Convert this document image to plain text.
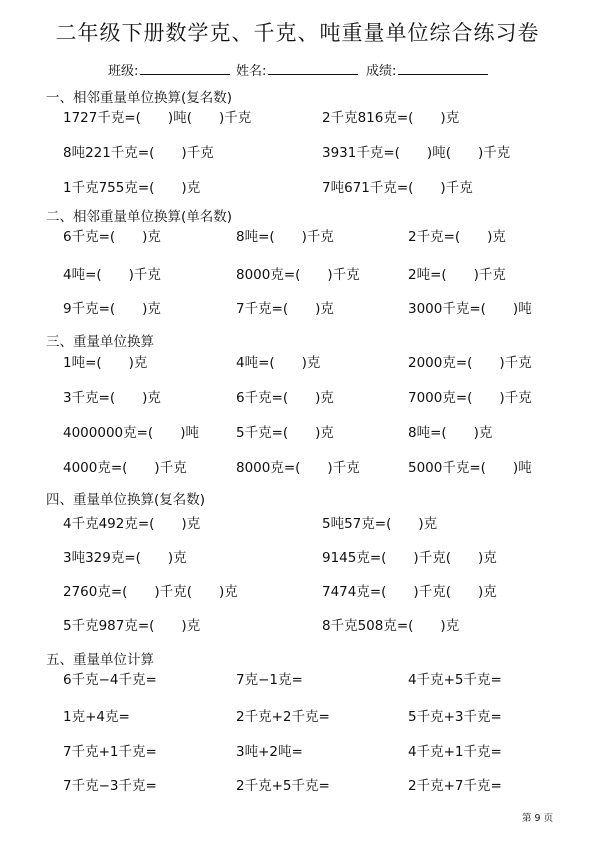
二年级下册数学克、千克、吨重量单位综合练习卷
班级:	姓名:	成绩:
一、相邻重量单位换算(复名数)
1727千克=(　　)吨(　　)千克	2千克816克=(　　)克
8吨221千克=(　　)千克	3931千克=(　　)吨(　　)千克
1千克755克=(　　)克	7吨671千克=(　　)千克
二、相邻重量单位换算(单名数)
6千克=(　　)克	8吨=(　　)千克	2千克=(　　)克
4吨=(　　)千克	8000克=(　　)千克	2吨=(　　)千克
9千克=(　　)克	7千克=(　　)克	3000千克=(　　)吨
三、重量单位换算
1吨=(　　)克	4吨=(　　)克	2000克=(　　)千克
3千克=(　　)克	6千克=(　　)克	7000克=(　　)千克
4000000克=(　　)吨	5千克=(　　)克	8吨=(　　)克
4000克=(　　)千克	8000克=(　　)千克	5000千克=(　　)吨
四、重量单位换算(复名数)
4千克492克=(　　)克	5吨57克=(　　)克
3吨329克=(　　)克	9145克=(　　)千克(　　)克
2760克=(　　)千克(　　)克	7474克=(　　)千克(　　)克
5千克987克=(　　)克	8千克508克=(　　)克
五、重量单位计算
6千克−4千克=	7克−1克=	4千克+5千克=
1克+4克=	2千克+2千克=	5千克+3千克=
7千克+1千克=	3吨+2吨=	4千克+1千克=
7千克−3千克=	2千克+5千克=	2千克+7千克=
第 9 页
